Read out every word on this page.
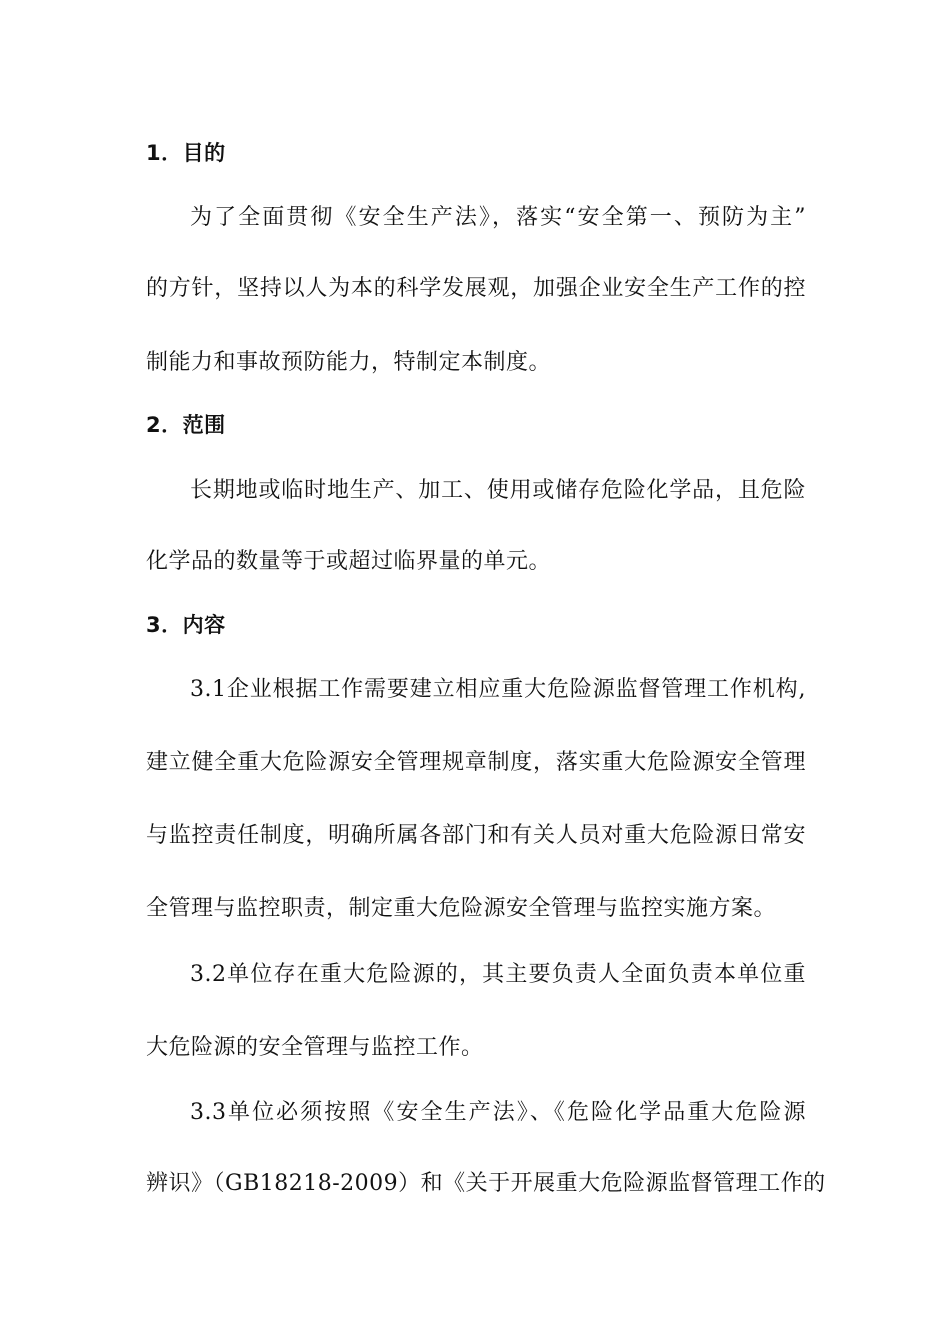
1．目的
为了全面贯彻《安全生产法》，落实“安全第一、预防为主”
的方针，坚持以人为本的科学发展观，加强企业安全生产工作的控
制能力和事故预防能力，特制定本制度。
2．范围
长期地或临时地生产、加工、使用或储存危险化学品，且危险
化学品的数量等于或超过临界量的单元。
3．内容
3.1企业根据工作需要建立相应重大危险源监督管理工作机构,
建立健全重大危险源安全管理规章制度，落实重大危险源安全管理
与监控责任制度，明确所属各部门和有关人员对重大危险源日常安
全管理与监控职责，制定重大危险源安全管理与监控实施方案。
3.2单位存在重大危险源的，其主要负责人全面负责本单位重
大危险源的安全管理与监控工作。
3.3单位必须按照《安全生产法》、《危险化学品重大危险源
辨识》（GB18218-2009）和《关于开展重大危险源监督管理工作的
